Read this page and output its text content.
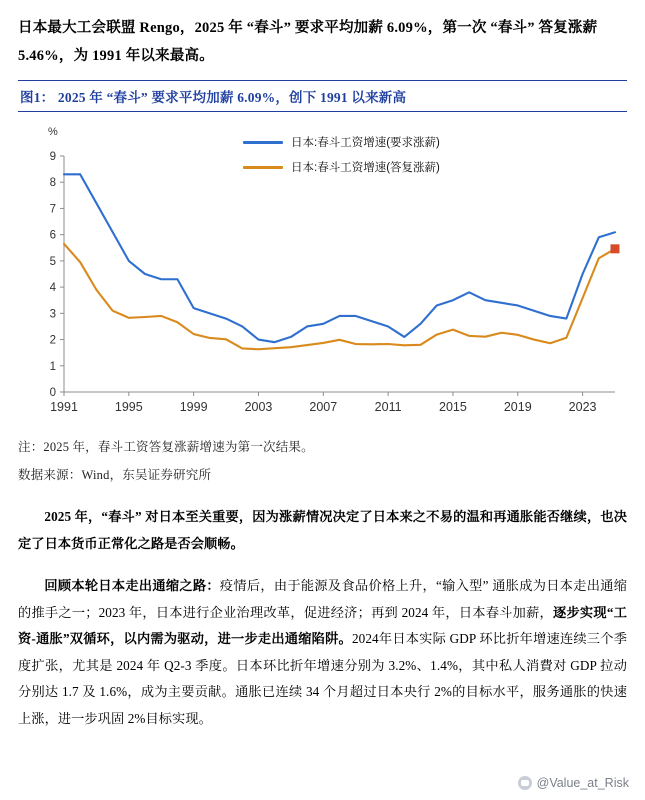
日本最大工会联盟 Rengo，2025 年 “春斗” 要求平均加薪 6.09%，第一次 “春斗” 答复涨薪 5.46%，为 1991 年以来最高。
图1： 2025 年 “春斗” 要求平均加薪 6.09%，创下 1991 以来新高
%
日本:春斗工资增速(要求涨薪)
日本:春斗工资增速(答复涨薪)
0
1
2
3
4
5
6
7
8
9
1991	1995	1999	2003	2007	2011	2015	2019	2023
注：2025 年，春斗工资答复涨薪增速为第一次结果。
数据来源：Wind，东吴证券研究所
2025 年，“春斗” 对日本至关重要，因为涨薪情况决定了日本来之不易的温和再通胀能否继续，也决定了日本货币正常化之路是否会顺畅。
回顾本轮日本走出通缩之路：疫情后，由于能源及食品价格上升，“输入型” 通胀成为日本走出通缩的推手之一；2023 年，日本进行企业治理改革，促进经济；再到 2024 年，日本春斗加薪，逐步实现“工资-通胀”双循环，以内需为驱动，进一步走出通缩陷阱。2024年日本实际 GDP 环比折年增速连续三个季度扩张，尤其是 2024 年 Q2-3 季度。日本环比折年增速分别为 3.2%、1.4%，其中私人消費对 GDP 拉动分别达 1.7 及 1.6%，成为主要贡献。通胀已连续 34 个月超过日本央行 2%的目标水平，服务通胀的快速上涨，进一步巩固 2%目标实现。
@Value_at_Risk
